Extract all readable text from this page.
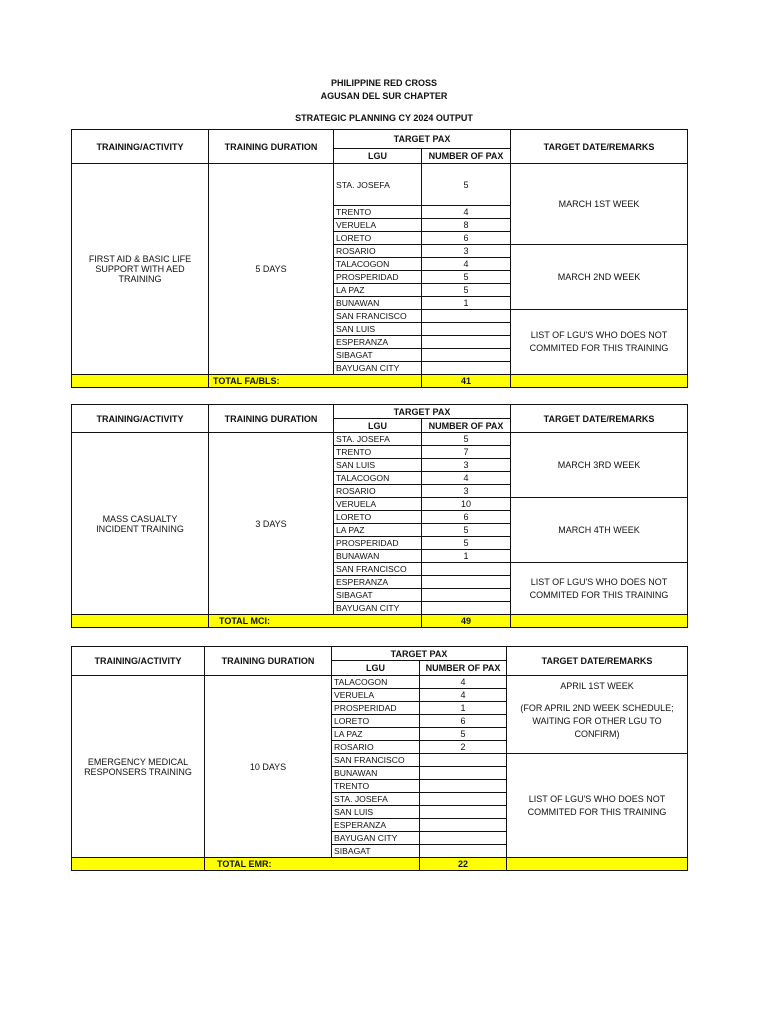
PHILIPPINE RED CROSS
AGUSAN DEL SUR CHAPTER
STRATEGIC PLANNING CY 2024 OUTPUT
TRAINING/ACTIVITY	TRAINING DURATION	TARGET PAX		TARGET DATE/REMARKS
		LGU	NUMBER OF PAX	
FIRST AID & BASIC LIFE SUPPORT WITH AED TRAINING	5 DAYS	STA. JOSEFA	5	MARCH 1ST WEEK
		TRENTO	4	
		VERUELA	8	
		LORETO	6	
		ROSARIO	3	MARCH 2ND WEEK
		TALACOGON	4	
		PROSPERIDAD	5	
		LA PAZ	5	
		BUNAWAN	1	
		SAN FRANCISCO		LIST OF LGU'S WHO DOES NOT COMMITED FOR THIS TRAINING
		SAN LUIS		
		ESPERANZA		
		SIBAGAT		
		BAYUGAN CITY		
	TOTAL FA/BLS:		41	
TRAINING/ACTIVITY	TRAINING DURATION	TARGET PAX		TARGET DATE/REMARKS
		LGU	NUMBER OF PAX	
MASS CASUALTY INCIDENT TRAINING	3 DAYS	STA. JOSEFA	5	MARCH 3RD WEEK
		TRENTO	7	
		SAN LUIS	3	
		TALACOGON	4	
		ROSARIO	3	
		VERUELA	10	MARCH 4TH WEEK
		LORETO	6	
		LA PAZ	5	
		PROSPERIDAD	5	
		BUNAWAN	1	
		SAN FRANCISCO		LIST OF LGU'S WHO DOES NOT COMMITED FOR THIS TRAINING
		ESPERANZA		
		SIBAGAT		
		BAYUGAN CITY		
	TOTAL MCI:		49	
TRAINING/ACTIVITY	TRAINING DURATION	TARGET PAX		TARGET DATE/REMARKS
		LGU	NUMBER OF PAX	
EMERGENCY MEDICAL RESPONSERS TRAINING	10 DAYS	TALACOGON	4	APRIL 1ST WEEK
(FOR APRIL 2ND WEEK SCHEDULE; WAITING FOR OTHER LGU TO CONFIRM)

		VERUELA	4	
		PROSPERIDAD	1	
		LORETO	6	
		LA PAZ	5	
		ROSARIO	2	
		SAN FRANCISCO		LIST OF LGU'S WHO DOES NOT COMMITED FOR THIS TRAINING
		BUNAWAN		
		TRENTO		
		STA. JOSEFA		
		SAN LUIS		
		ESPERANZA		
		BAYUGAN CITY		
		SIBAGAT		
	TOTAL EMR:		22	
